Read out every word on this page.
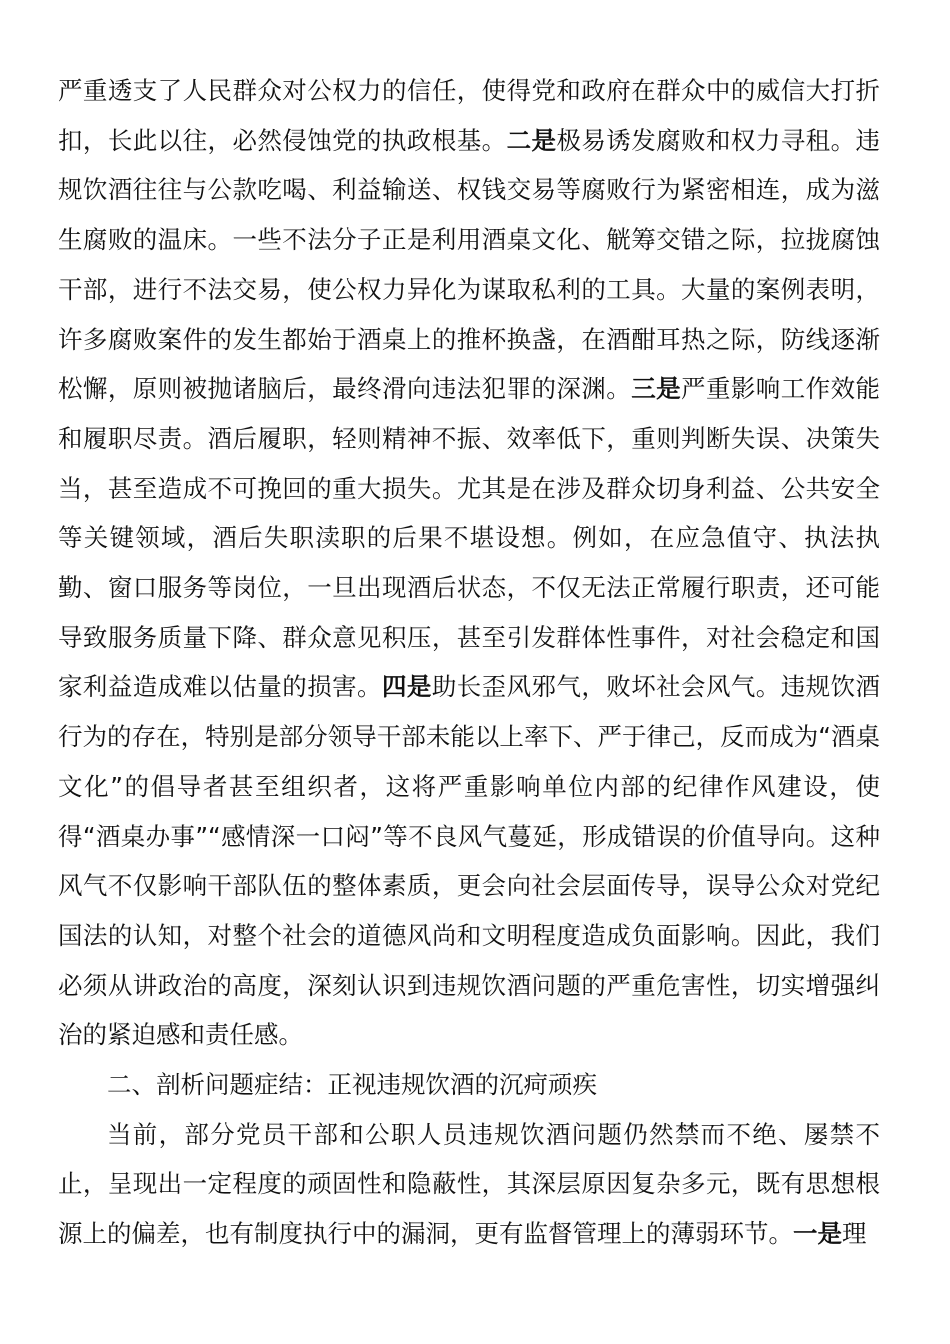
严重透支了人民群众对公权力的信任，使得党和政府在群众中的威信大打折扣，长此以往，必然侵蚀党的执政根基。二是极易诱发腐败和权力寻租。违规饮酒往往与公款吃喝、利益输送、权钱交易等腐败行为紧密相连，成为滋生腐败的温床。一些不法分子正是利用酒桌文化、觥筹交错之际，拉拢腐蚀干部，进行不法交易，使公权力异化为谋取私利的工具。大量的案例表明，许多腐败案件的发生都始于酒桌上的推杯换盏，在酒酣耳热之际，防线逐渐松懈，原则被抛诸脑后，最终滑向违法犯罪的深渊。三是严重影响工作效能和履职尽责。酒后履职，轻则精神不振、效率低下，重则判断失误、决策失当，甚至造成不可挽回的重大损失。尤其是在涉及群众切身利益、公共安全等关键领域，酒后失职渎职的后果不堪设想。例如，在应急值守、执法执勤、窗口服务等岗位，一旦出现酒后状态，不仅无法正常履行职责，还可能导致服务质量下降、群众意见积压，甚至引发群体性事件，对社会稳定和国家利益造成难以估量的损害。四是助长歪风邪气，败坏社会风气。违规饮酒行为的存在，特别是部分领导干部未能以上率下、严于律己，反而成为“酒桌文化”的倡导者甚至组织者，这将严重影响单位内部的纪律作风建设，使得“酒桌办事”“感情深一口闷”等不良风气蔓延，形成错误的价值导向。这种风气不仅影响干部队伍的整体素质，更会向社会层面传导，误导公众对党纪国法的认知，对整个社会的道德风尚和文明程度造成负面影响。因此，我们必须从讲政治的高度，深刻认识到违规饮酒问题的严重危害性，切实增强纠治的紧迫感和责任感。

二、剖析问题症结：正视违规饮酒的沉疴顽疾

当前，部分党员干部和公职人员违规饮酒问题仍然禁而不绝、屡禁不止，呈现出一定程度的顽固性和隐蔽性，其深层原因复杂多元，既有思想根源上的偏差，也有制度执行中的漏洞，更有监督管理上的薄弱环节。一是理
